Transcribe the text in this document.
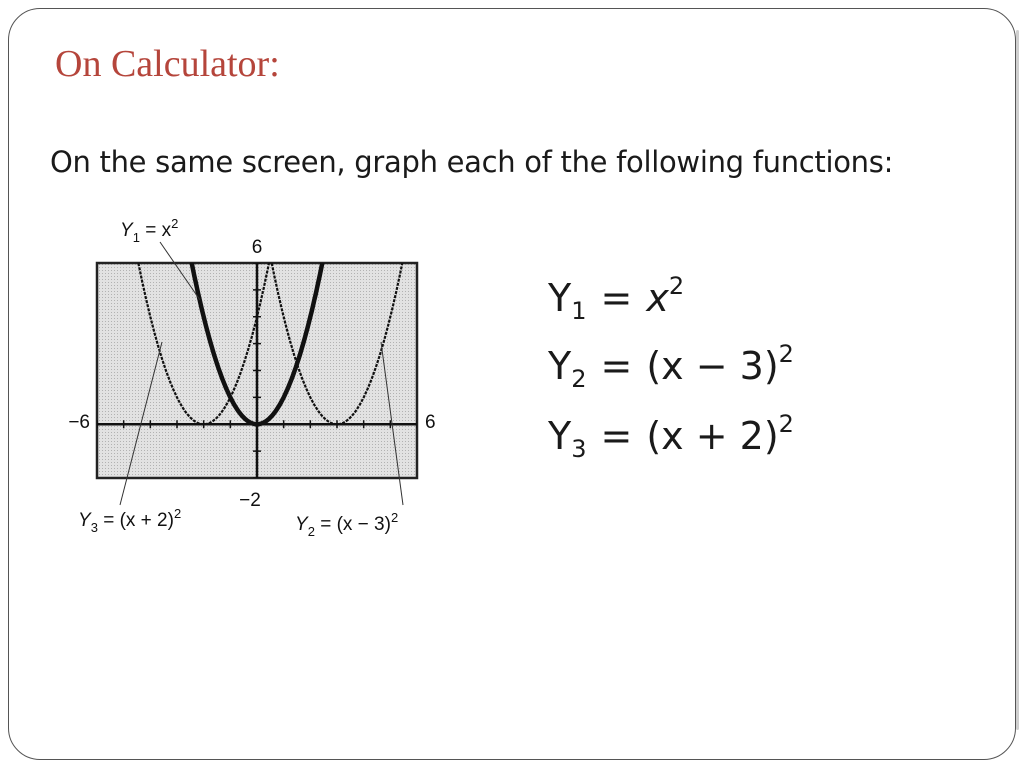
On Calculator:
On the same screen, graph each of the following functions:
6
−6	6
−2
$Y_1 = x^2$
$Y_3 = (x + 2)^2$
$Y_2 = (x - 3)^2$
$Y_1 = x^2$
$Y_2 = (x - 3)^2$
$Y_3 = (x + 2)^2$
